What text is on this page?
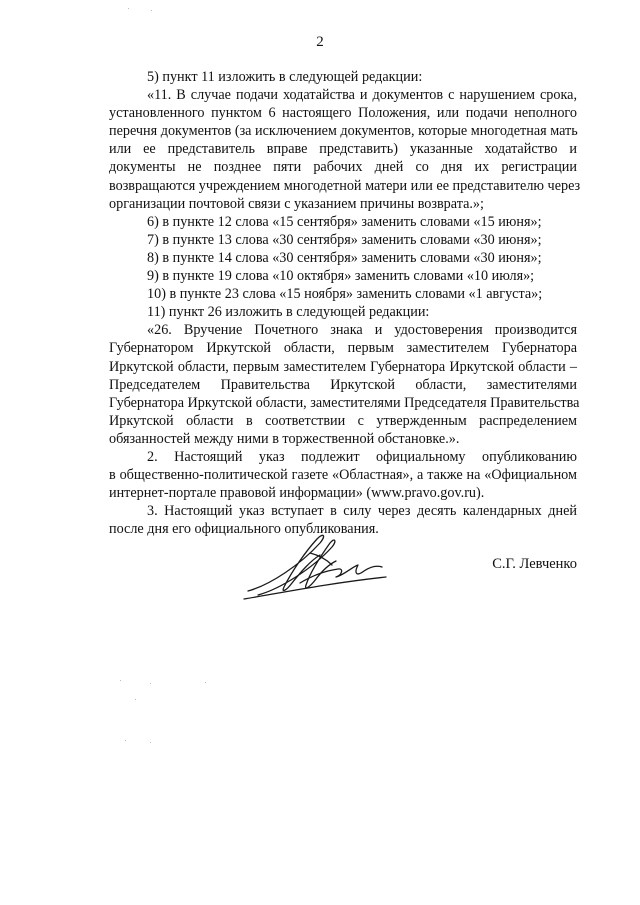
2
5) пункт 11 изложить в следующей редакции:
«11. В случае подачи ходатайства и документов с нарушением срока,
установленного пунктом 6 настоящего Положения, или подачи неполного
перечня документов (за исключением документов, которые многодетная мать
или ее представитель вправе представить) указанные ходатайство и
документы не позднее пяти рабочих дней со дня их регистрации
возвращаются учреждением многодетной матери или ее представителю через
организации почтовой связи с указанием причины возврата.»;
6) в пункте 12 слова «15 сентября» заменить словами «15 июня»;
7) в пункте 13 слова «30 сентября» заменить словами «30 июня»;
8) в пункте 14 слова «30 сентября» заменить словами «30 июня»;
9) в пункте 19 слова «10 октября» заменить словами «10 июля»;
10) в пункте 23 слова «15 ноября» заменить словами «1 августа»;
11) пункт 26 изложить в следующей редакции:
«26. Вручение Почетного знака и удостоверения производится
Губернатором Иркутской области, первым заместителем Губернатора
Иркутской области, первым заместителем Губернатора Иркутской области –
Председателем Правительства Иркутской области, заместителями
Губернатора Иркутской области, заместителями Председателя Правительства
Иркутской области в соответствии с утвержденным распределением
обязанностей между ними в торжественной обстановке.».
2. Настоящий указ подлежит официальному опубликованию
в общественно-политической газете «Областная», а также на «Официальном
интернет-портале правовой информации» (www.pravo.gov.ru).
3. Настоящий указ вступает в силу через десять календарных дней
после дня его официального опубликования.
С.Г. Левченко
